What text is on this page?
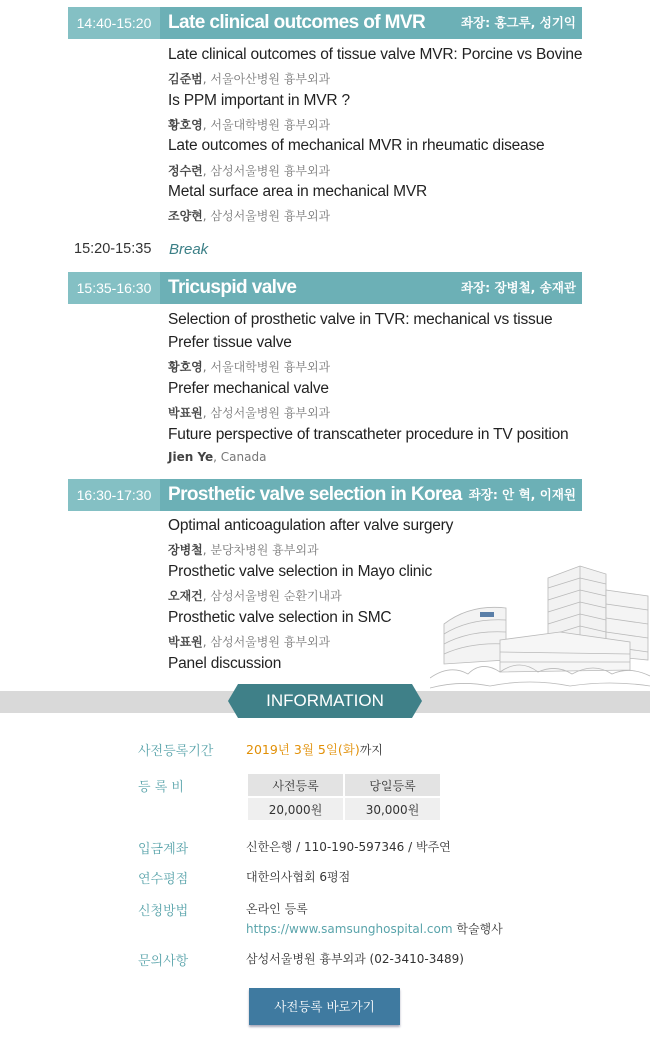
14:40-15:20 Late clinical outcomes of MVR	좌장: 홍그루, 성기익
Late clinical outcomes of tissue valve MVR: Porcine vs Bovine
김준범, 서울아산병원 흉부외과
Is PPM important in MVR ?
황호영, 서울대학병원 흉부외과
Late outcomes of mechanical MVR in rheumatic disease
정수련, 삼성서울병원 흉부외과
Metal surface area in mechanical MVR
조양현, 삼성서울병원 흉부외과
15:20-15:35 Break
15:35-16:30 Tricuspid valve	좌장: 장병철, 송재관
Selection of prosthetic valve in TVR: mechanical vs tissue
Prefer tissue valve
황호영, 서울대학병원 흉부외과
Prefer mechanical valve
박표원, 삼성서울병원 흉부외과
Future perspective of transcatheter procedure in TV position
Jien Ye, Canada
16:30-17:30 Prosthetic valve selection in Korea 좌장: 안 혁, 이재원
Optimal anticoagulation after valve surgery
장병철, 분당차병원 흉부외과
Prosthetic valve selection in Mayo clinic
오재건, 삼성서울병원 순환기내과
Prosthetic valve selection in SMC
박표원, 삼성서울병원 흉부외과
Panel discussion
INFORMATION
사전등록기간	2019년 3월 5일(화)까지
등 록 비	사전등록	당일등록
20,000원	30,000원
입금계좌	신한은행 / 110-190-597346 / 박주연
연수평점	대한의사협회 6평점
신청방법	온라인 등록
https://www.samsunghospital.com 학술행사
문의사항	삼성서울병원 흉부외과 (02-3410-3489)
사전등록 바로가기
